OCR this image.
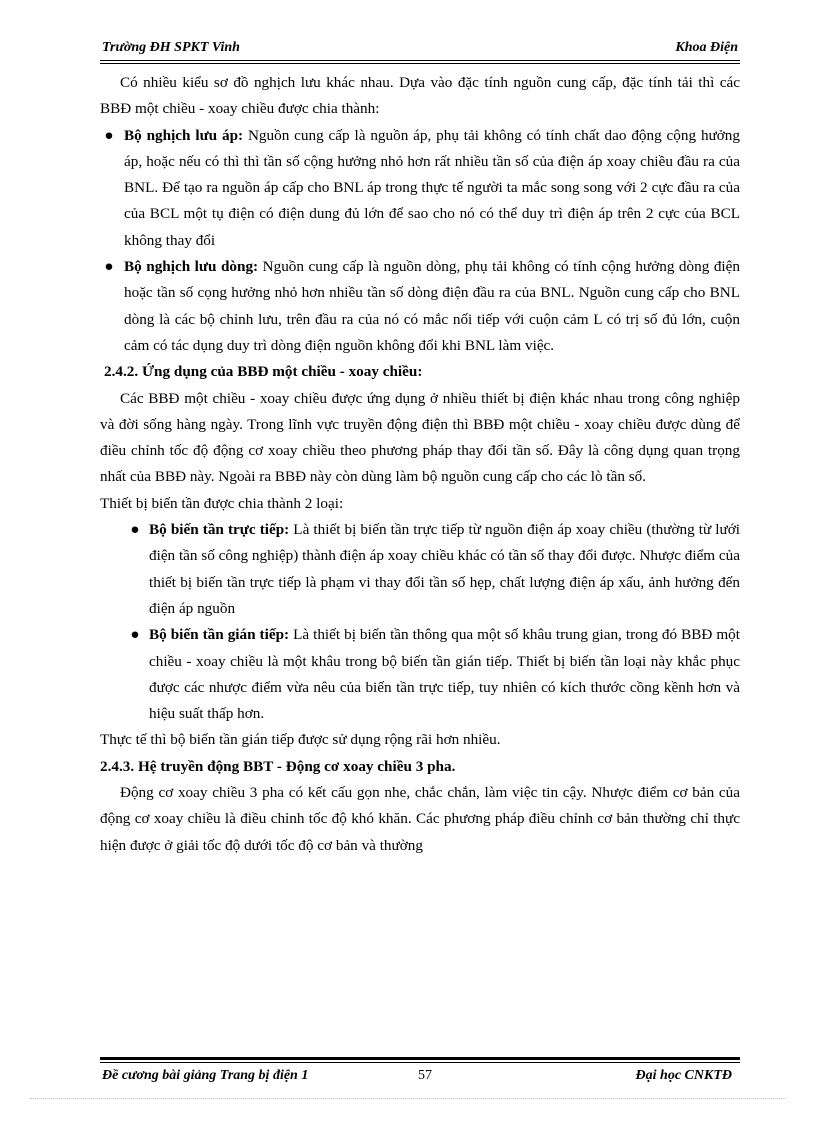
Trường ĐH SPKT Vinh	Khoa Điện

Có nhiều kiểu sơ đồ nghịch lưu khác nhau. Dựa vào đặc tính nguồn cung cấp, đặc tính tải thì các BBĐ một chiều - xoay chiều được chia thành:

● Bộ nghịch lưu áp: Nguồn cung cấp là nguồn áp, phụ tải không có tính chất dao động cộng hưởng áp, hoặc nếu có thì thì tần số cộng hưởng nhỏ hơn rất nhiều tần số của điện áp xoay chiều đầu ra của BNL. Để tạo ra nguồn áp cấp cho BNL áp trong thực tế người ta mắc song song với 2 cực đầu ra của của BCL một tụ điện có điện dung đủ lớn để sao cho nó có thể duy trì điện áp trên 2 cực của BCL không thay đổi

● Bộ nghịch lưu dòng: Nguồn cung cấp là nguồn dòng, phụ tải không có tính cộng hưởng dòng điện hoặc tần số cọng hưởng nhỏ hơn nhiều tần số dòng điện đầu ra của BNL. Nguồn cung cấp cho BNL dòng là các bộ chỉnh lưu, trên đầu ra của nó có mắc nối tiếp với cuộn cảm L có trị số đủ lớn, cuộn cảm có tác dụng duy trì dòng điện nguồn không đổi khi BNL làm việc.

2.4.2. Ứng dụng của BBĐ một chiều - xoay chiều:

Các BBĐ một chiều - xoay chiều được ứng dụng ở nhiều thiết bị điện khác nhau trong công nghiệp và đời sống hàng ngày. Trong lĩnh vực truyền động điện thì BBĐ một chiều - xoay chiều được dùng để điều chỉnh tốc độ động cơ xoay chiều theo phương pháp thay đổi tần số. Đây là công dụng quan trọng nhất của BBĐ này. Ngoài ra BBĐ này còn dùng làm bộ nguồn cung cấp cho các lò tần số.

Thiết bị biến tần được chia thành 2 loại:

● Bộ biến tần trực tiếp: Là thiết bị biến tần trực tiếp từ nguồn điện áp xoay chiều (thường từ lưới điện tần số công nghiệp) thành điện áp xoay chiều khác có tần số thay đổi được. Nhược điểm của thiết bị biến tần trực tiếp là phạm vi thay đổi tần số hẹp, chất lượng điện áp xấu, ảnh hưởng đến điện áp nguồn

● Bộ biến tần gián tiếp: Là thiết bị biến tần thông qua một số khâu trung gian, trong đó BBĐ một chiều - xoay chiều là một khâu trong bộ biến tần gián tiếp. Thiết bị biến tần loại này khắc phục được các nhược điểm vừa nêu của biến tần trực tiếp, tuy nhiên có kích thước cồng kềnh hơn và hiệu suất thấp hơn.

Thực tế thì bộ biến tần gián tiếp được sử dụng rộng rãi hơn nhiều.

2.4.3. Hệ truyền động BBT - Động cơ xoay chiều 3 pha.

Động cơ xoay chiều 3 pha có kết cấu gọn nhe, chắc chắn, làm việc tin cậy. Nhược điểm cơ bản của động cơ xoay chiều là điều chỉnh tốc độ khó khăn. Các phương pháp điều chỉnh cơ bản thường chỉ thực hiện được ở giải tốc độ dưới tốc độ cơ bản và thường

Đề cương bài giảng Trang bị điện 1	57	Đại học CNKTĐ
